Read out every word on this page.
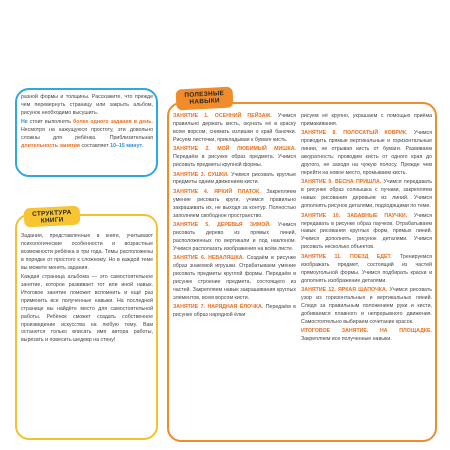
разной формы и толщины. Расскажите, что прежде чем перевернуть страницу или закрыть альбом, рисунок необходимо высушить.

Не стоит выполнять более одного задания в день. Несмотря на кажущуюся простоту, эти довольно сложны для ребёнка. Приблизительная длительность занятия составляет 10–15 минут.

СТРУКТУРА КНИГИ

Задания, представленные в книге, учитывают психологические особенности и возрастные возможности ребёнка в три года. Темы расположены в порядке от простого к сложному. Но в каждой теме вы можете менять задания.

Каждая страница альбома — это самостоятельное занятие, которое развивает тот или иной навык. Итоговое занятие поможет вспомнить и ещё раз применить все полученные навыки. На последней странице вы найдёте место для самостоятельной работы. Ребёнок сможет создать собственное произведение искусства на любую тему. Вам останется только вписать имя автора работы, вырезать и повесить шедевр на стену!

ПОЛЕЗНЫЕ НАВЫКИ

ЗАНЯТИЕ 1. ОСЕННИЙ ПЕЙЗАЖ. Учимся правильно держать кисть, окунать её в краску всем ворсом, снимать излишки о край баночки. Рисуем листочки, прикладывая к бумаге кисть.

ЗАНЯТИЕ 2. МОЙ ЛЮБИМЫЙ МИШКА. Передаём в рисунке образ предмета. Учимся рисовать предметы крупной формы.

ЗАНЯТИЕ 3. СУШКИ. Учимся рисовать круглые предметы одним движением кисти.

ЗАНЯТИЕ 4. ЯРКИЙ ПЛАТОК. Закрепляем умение рисовать круги, учимся правильно закрашивать их, не выходя за контур. Полностью заполняем свободное пространство.

ЗАНЯТИЕ 5. ДЕРЕВЬЯ ЗИМОЙ. Учимся рисовать дерево из прямых линий, расположенных по вертикали и под наклоном. Учимся располагать изображения на всём листе.

ЗАНЯТИЕ 6. НЕВАЛЯШКА. Создаём в рисунке образ знакомой игрушки. Отрабатываем умение рисовать предметы круглой формы. Передаём в рисунке строение предмета, состоящего из частей. Закрепляем навык закрашивания круглых элементов, всем ворсом кисти.

ЗАНЯТИЕ 7. НАРЯДНАЯ ЁЛОЧКА. Передаём в рисунке образ нарядной ёлки

рисуем её крупно, украшаем с помощью приёма примакивания.

ЗАНЯТИЕ 8. ПОЛОСАТЫЙ КОВРИК. Учимся проводить прямые вертикальные и горизонтальные линии, не отрывая кисть от бумаги. Развиваем аккуратность: проводим кисть от одного края до другого, не заходя на чужую полосу. Прежде чем перейти на новое место, промываем кисть.

ЗАНЯТИЕ 9. ВЕСНА ПРИШЛА. Учимся передавать в рисунке образ солнышка с лучами, закрепляем навык рисования деревьев из линий. Учимся дополнять рисунок деталями, подходящими по теме.

ЗАНЯТИЕ 10. ЗАБАВНЫЕ ПАУЧКИ. Учимся передавать в рисунке образ паучков. Отрабатываем навык рисования круглых форм, прямых линий. Учимся дополнять рисунок деталями. Учимся рисовать несколько объектов.

ЗАНЯТИЕ 11. ПОЕЗД ЕДЕТ. Тренируемся изображать предмет, состоящий из частей прямоугольной формы. Учимся подбирать краски и дополнять изображение деталями.

ЗАНЯТИЕ 12. ЯРКАЯ ШАПОЧКА. Учимся рисовать узор из горизонтальных и вертикальных линий. Следя за правильным положением руки и кисти, добиваемся плавного и непрерывного движения. Самостоятельно выбираем сочетание красок.

ИТОГОВОЕ ЗАНЯТИЕ. НА ПЛОЩАДКЕ. Закрепляем все полученные навыки.
